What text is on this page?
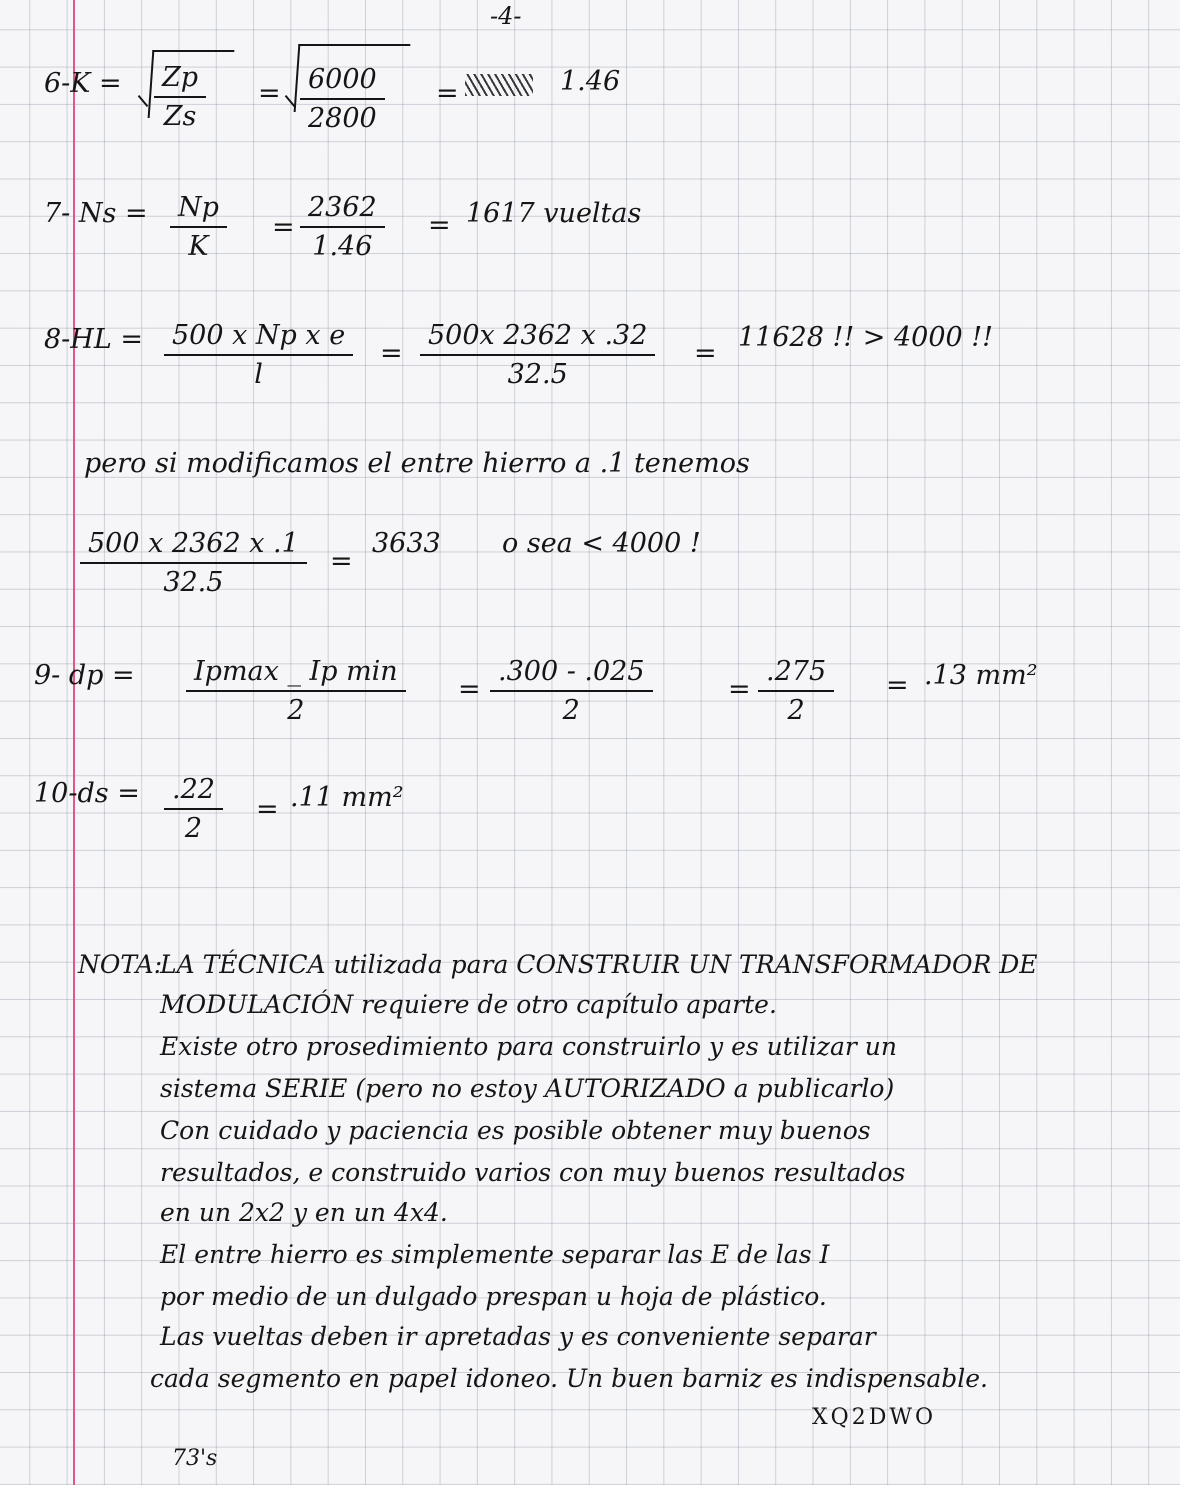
-4-
6-K = Zp
Zs
= 6000
2800
=	1.46
7- Ns = Np
K
=
2362
1.46
= 1617 vueltas
8-HL = 500 x Np x e
l
=
500x 2362 x .32
32.5
=
11628 !! > 4000 !!
pero si modificamos el entre hierro a .1 tenemos
500 x 2362 x .1
32.5
=
3633 o sea < 4000 !
9- dp = Ipmax _ Ip min
2
=
.300 - .025
2
=
.275
2
= .13 mm²
10-ds = .22
2
= .11 mm²
NOTA:
LA TÉCNICA utilizada para CONSTRUIR UN TRANSFORMADOR DE
MODULACIÓN requiere de otro capítulo aparte.
Existe otro prosedimiento para construirlo y es utilizar un
sistema SERIE (pero no estoy AUTORIZADO a publicarlo)
Con cuidado y paciencia es posible obtener muy buenos
resultados, e construido varios con muy buenos resultados
en un 2x2 y en un 4x4.
El entre hierro es simplemente separar las E de las I
por medio de un dulgado prespan u hoja de plástico.
Las vueltas deben ir apretadas y es conveniente separar
cada segmento en papel idoneo. Un buen barniz es indispensable.
XQ2DWO
73's
